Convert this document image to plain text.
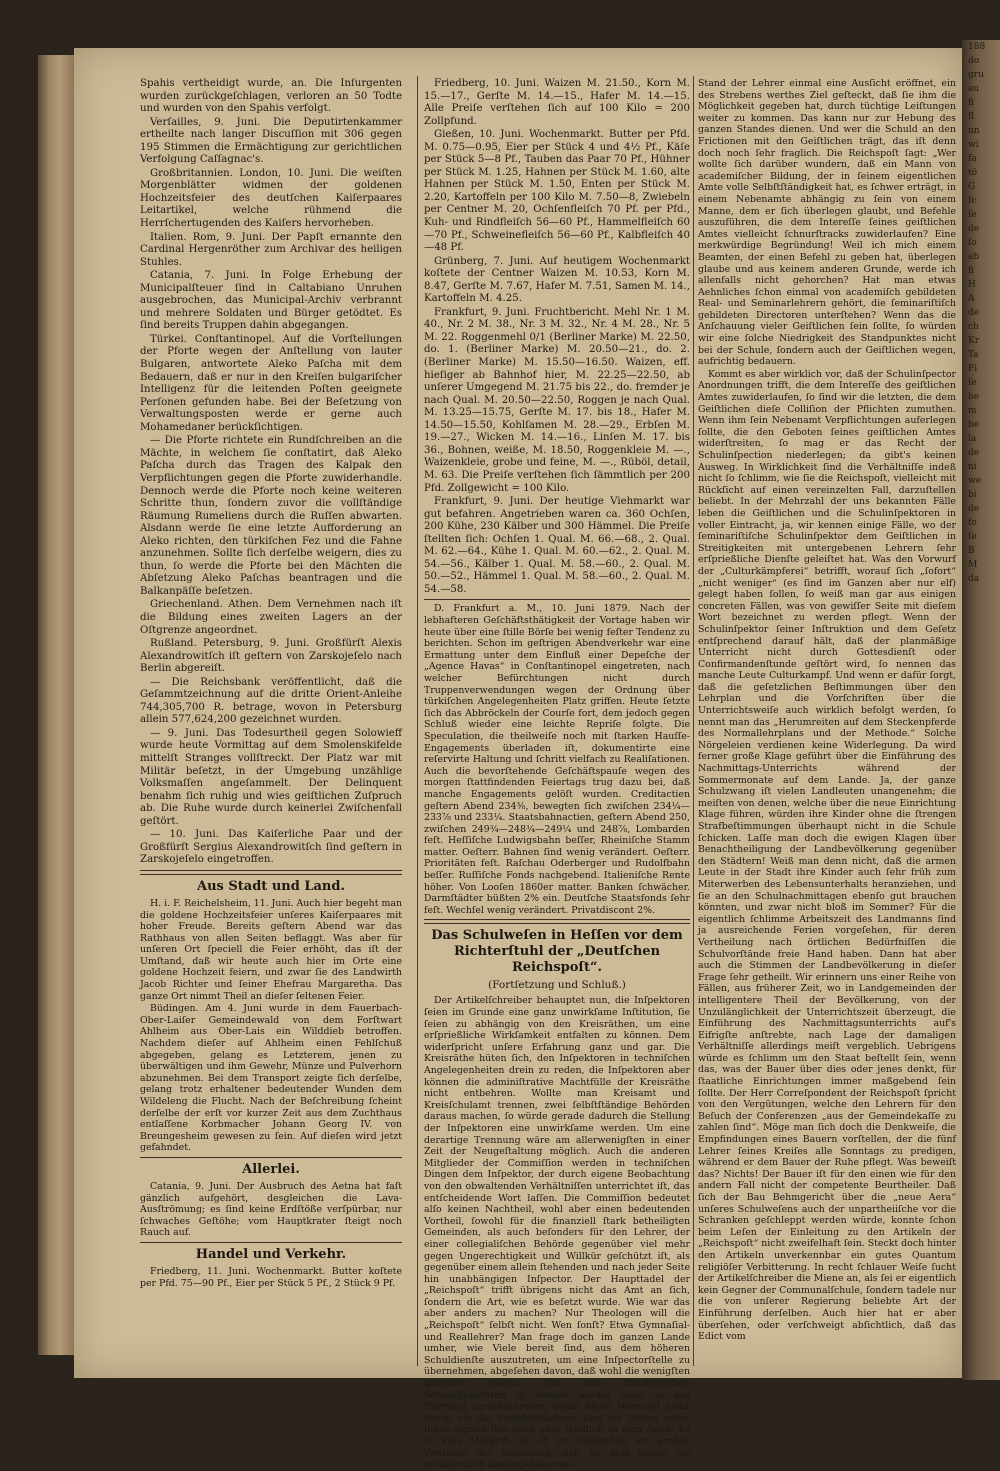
Spahis vertheidigt wurde, an. Die Inſurgenten wurden zurückgeſchlagen, verloren an 50 Todte und wurden von den Spahis verfolgt.

Verſailles, 9. Juni. Die Deputirtenkammer ertheilte nach langer Discuſſion mit 306 gegen 195 Stimmen die Ermächtigung zur gerichtlichen Verfolgung Caſſagnac's.

Großbritannien. London, 10. Juni. Die weiſten Morgenblätter widmen der goldenen Hochzeitsfeier des deutſchen Kaiſerpaares Leitartikel, welche rühmend die Herrſchertugenden des Kaiſers hervorheben.

Italien. Rom, 9. Juni. Der Papſt ernannte den Cardinal Hergenröther zum Archivar des heiligen Stuhles.

Catania, 7. Juni. In Folge Erhebung der Municipalſteuer ſind in Caltabiano Unruhen ausgebrochen, das Municipal-Archiv verbrannt und mehrere Soldaten und Bürger getödtet. Es ſind bereits Truppen dahin abgegangen.

Türkei. Conſtantinopel. Auf die Vorſtellungen der Pforte wegen der Anſtellung von lauter Bulgaren, antwortete Aleko Paſcha mit dem Bedauern, daß er nur in den Kreiſen bulgariſcher Intelligenz für die leitenden Poſten geeignete Perſonen gefunden habe. Bei der Beſetzung von Verwaltungsposten werde er gerne auch Mohamedaner berückſichtigen.

— Die Pforte richtete ein Rundſchreiben an die Mächte, in welchem ſie conſtatirt, daß Aleko Paſcha durch das Tragen des Kalpak den Verpflichtungen gegen die Pforte zuwiderhandle. Dennoch werde die Pforte noch keine weiteren Schritte thun, ſondern zuvor die vollſtändige Räumung Rumeliens durch die Ruſſen abwarten. Alsdann werde ſie eine letzte Aufforderung an Aleko richten, den türkiſchen Fez und die Fahne anzunehmen. Sollte ſich derſelbe weigern, dies zu thun, ſo werde die Pforte bei den Mächten die Abſetzung Aleko Paſchas beantragen und die Balkanpäſſe beſetzen.

Griechenland. Athen. Dem Vernehmen nach iſt die Bildung eines zweiten Lagers an der Oſtgrenze angeordnet.

Rußland. Petersburg, 9. Juni. Großfürſt Alexis Alexandrowitſch iſt geſtern von Zarskojeſelo nach Berlin abgereiſt.

— Die Reichsbank veröffentlicht, daß die Geſammtzeichnung auf die dritte Orient-Anleihe 744,305,700 R. betrage, wovon in Petersburg allein 577,624,200 gezeichnet wurden.

— 9. Juni. Das Todesurtheil gegen Solowieff wurde heute Vormittag auf dem Smolenskifelde mittelſt Stranges vollſtreckt. Der Platz war mit Militär beſetzt, in der Umgebung unzählige Volksmaſſen angeſammelt. Der Delinquent benahm ſich ruhig und wies geiſtlichen Zuſpruch ab. Die Ruhe wurde durch keinerlei Zwiſchenfall geſtört.

— 10. Juni. Das Kaiſerliche Paar und der Großfürſt Sergius Alexandrowitſch ſind geſtern in Zarskojeſelo eingetroffen.

Aus Stadt und Land.

H. i. F. Reichelsheim, 11. Juni. Auch hier begeht man die goldene Hochzeitsfeier unſeres Kaiſerpaares mit hoher Freude. Bereits geſtern Abend war das Rathhaus von allen Seiten beflaggt. Was aber für unſeren Ort ſpeciell die Feier erhöht, das iſt der Umſtand, daß wir heute auch hier im Orte eine goldene Hochzeit feiern, und zwar ſie des Landwirth Jacob Richter und ſeiner Ehefrau Margaretha. Das ganze Ort nimmt Theil an dieſer ſeltenen Feier.

Büdingen. Am 4. Juni wurde in dem Fauerbach-Ober-Laiſer Gemeindewald von dem Forſtwart Ahlheim aus Ober-Lais ein Wilddieb betroffen. Nachdem dieſer auf Ahlheim einen Fehlſchuß abgegeben, gelang es Letzterem, jenen zu überwältigen und ihm Gewehr, Münze und Pulverhorn abzunehmen. Bei dem Transport zeigte ſich derſelbe, gelang trotz erhaltener bedeutender Wunden dem Wildeleng die Flucht. Nach der Beſchreibung ſcheint derſelbe der erſt vor kurzer Zeit aus dem Zuchthaus entlaſſene Korbmacher Johann Georg IV. von Breungesheim gewesen zu ſein. Auf dieſen wird jetzt gefahndet.

Allerlei.

Catania, 9. Juni. Der Ausbruch des Aetna hat faſt gänzlich aufgehört, desgleichen die Lava-Ausſtrömung; es ſind keine Erdſtöße verſpürbar, nur ſchwaches Geſtöhe; vom Hauptkrater ſteigt noch Rauch auf.

Handel und Verkehr.

Friedberg, 11. Juni. Wochenmarkt. Butter koſtete per Pfd. 75—90 Pf., Eier per Stück 5 Pf., 2 Stück 9 Pf.

Friedberg, 10. Juni. Waizen M. 21.50., Korn M. 15.—17., Gerſte M. 14.—15., Hafer M. 14.—15. Alle Preiſe verſtehen ſich auf 100 Kilo = 200 Zollpfund.

Gießen, 10. Juni. Wochenmarkt. Butter per Pfd. M. 0.75—0.95, Eier per Stück 4 und 4½ Pf., Käſe per Stück 5—8 Pf., Tauben das Paar 70 Pf., Hühner per Stück M. 1.25, Hahnen per Stück M. 1.60, alte Hahnen per Stück M. 1.50, Enten per Stück M. 2.20, Kartoffeln per 100 Kilo M. 7.50—8, Zwiebeln per Centner M. 20, Ochſenfleiſch 70 Pf. per Pfd., Kuh- und Rindfleiſch 56—60 Pf., Hammelfleiſch 60—70 Pf., Schweinefleiſch 56—60 Pf., Kalbfleiſch 40—48 Pf.

Grünberg, 7. Juni. Auf heutigem Wochenmarkt koſtete der Centner Waizen M. 10.53, Korn M. 8.47, Gerſte M. 7.67, Hafer M. 7.51, Samen M. 14., Kartoffeln M. 4.25.

Frankfurt, 9. Juni. Fruchtbericht. Mehl Nr. 1 M. 40., Nr. 2 M. 38., Nr. 3 M. 32., Nr. 4 M. 28., Nr. 5 M. 22. Roggenmehl 0/1 (Berliner Marke) M. 22.50, do. 1. (Berliner Marke) M. 20.50—21., do. 2. (Berliner Marke) M. 15.50—16.50. Waizen, eff. hieſiger ab Bahnhof hier, M. 22.25—22.50, ab unſerer Umgegend M. 21.75 bis 22., do. fremder je nach Qual. M. 20.50—22.50, Roggen je nach Qual. M. 13.25—15.75, Gerſte M. 17. bis 18., Hafer M. 14.50—15.50, Kohlſamen M. 28.—29., Erbſen M. 19.—27., Wicken M. 14.—16., Linſen M. 17. bis 36., Bohnen, weiße, M. 18.50, Roggenkleie M. —., Waizenkleie, grobe und feine, M. —., Rüböl, detail, M. 63. Die Preiſe verſtehen ſich ſämmtlich per 200 Pfd. Zollgewicht = 100 Kilo.

Frankfurt, 9. Juni. Der heutige Viehmarkt war gut befahren. Angetrieben waren ca. 360 Ochſen, 200 Kühe, 230 Kälber und 300 Hämmel. Die Preiſe ſtellten ſich: Ochſen 1. Qual. M. 66.—68., 2. Qual. M. 62.—64., Kühe 1. Qual. M. 60.—62., 2. Qual. M. 54.—56., Kälber 1. Qual. M. 58.—60., 2. Qual. M. 50.—52., Hämmel 1. Qual. M. 58.—60., 2. Qual. M. 54.—58.

D. Frankfurt a. M., 10. Juni 1879. Nach der lebhafteren Geſchäftsthätigkeit der Vortage haben wir heute über eine ſtille Börſe bei wenig feſter Tendenz zu berichten. Schon im geſtrigen Abendverkehr war eine Ermattung unter dem Einfluß einer Depeſche der „Agence Havas“ in Conſtantinopel eingetreten, nach welcher Befürchtungen nicht durch Truppenverwendungen wegen der Ordnung über türkiſchen Angelegenheiten Platz griffen. Heute ſetzte ſich das Abbröckeln der Courſe fort, dem jedoch gegen Schluß wieder eine leichte Repriſe folgte. Die Speculation, die theilweiſe noch mit ſtarken Hauſſe-Engagements überladen iſt, dokumentirte eine reſervirte Haltung und ſchritt vielfach zu Realiſationen. Auch die bevorſtehende Geſchäftspauſe wegen des morgen ſtattfindenden Feiertags trug dazu bei, daß manche Engagements gelöſt wurden. Creditactien geſtern Abend 234⅜, bewegten ſich zwiſchen 234¼—233⅞ und 233¼. Staatsbahnactien, geſtern Abend 250, zwiſchen 249¾—248¾—249¼ und 248⅞, Lombarden feſt. Heſſiſche Ludwigsbahn beſſer, Rheiniſche Stamm matter. Oeſterr. Bahnen ſind wenig verändert. Oeſterr. Prioritäten feſt. Raſchau Oderberger und Rudolfbahn beſſer. Ruſſiſche Fonds nachgebend. Italieniſche Rente höher. Von Looſen 1860er matter. Banken ſchwächer. Darmſtädter büßten 2% ein. Deutſche Staatsfonds ſehr feſt. Wechſel wenig verändert. Privatdiscont 2%.

Das Schulweſen in Heſſen vor dem Richterſtuhl der „Deutſchen Reichspoſt“.
(Fortſetzung und Schluß.)

Der Artikelſchreiber behauptet nun, die Inſpektoren ſeien im Grunde eine ganz unwirkſame Inſtitution, ſie ſeien zu abhängig von den Kreisräthen, um eine erſprießliche Wirkſamkeit entfalten zu können. Dem widerſpricht unſere Erfahrung ganz und gar. Die Kreisräthe hüten ſich, den Inſpektoren in techniſchen Angelegenheiten drein zu reden, die Inſpektoren aber können die adminiſtrative Machtfülle der Kreisräthe nicht entbehren. Wollte man Kreisamt und Kreisſchulamt trennen, zwei ſelbſtſtändige Behörden daraus machen, ſo würde gerade dadurch die Stellung der Inſpektoren eine unwirkſame werden. Um eine derartige Trennung wäre am allerwenigſten in einer Zeit der Neugeſtaltung möglich. Auch die anderen Mitglieder der Commiſſion werden in techniſchen Dingen dem Inſpektor, der durch eigene Beobachtung von den obwaltenden Verhältniſſen unterrichtet iſt, das entſcheidende Wort laſſen. Die Commiſſion bedeutet alſo keinen Nachtheil, wohl aber einen bedeutenden Vortheil, ſowohl für die finanziell ſtark betheiligten Gemeinden, als auch beſonders für den Lehrer, der einer collegialiſchen Behörde gegenüber viel mehr gegen Ungerechtigkeit und Willkür geſchützt iſt, als gegenüber einem allein ſtehenden und nach jeder Seite hin unabhängigen Inſpector. Der Haupttadel der „Reichspoſt“ trifft übrigens nicht das Amt an ſich, ſondern die Art, wie es beſetzt wurde. Wie war das aber anders zu machen? Nur Theologen will die „Reichspoſt“ ſelbſt nicht. Wen ſonſt? Etwa Gymnaſial- und Reallehrer? Man frage doch im ganzen Lande umher, wie Viele bereit ſind, aus dem höheren Schuldienſte auszutreten, um eine Inſpectorſtelle zu übernehmen, abgeſehen davon, daß wohl die wenigſten geeignet wären. Von den theologiſchen Schulinſpektoren iſt bereits wieder einer in das Pfarramt zurückgetreten. Somit bleibt Niemand mehr übrig, als die Volksſchullehrer. Und die Beſten unter ihnen eignen ſich auch ganz trefflich zu dem Amte. Es iſt kein Mißgriff, es iſt im Gegentheil ein großes Verdienſt der Regierung, daß ſie dem bisher oft geſliſſentlich niedergehaltenen

Stand der Lehrer einmal eine Ausſicht eröffnet, ein des Strebens werthes Ziel geſteckt, daß ſie ihm die Möglichkeit gegeben hat, durch tüchtige Leiſtungen weiter zu kommen. Das kann nur zur Hebung des ganzen Standes dienen. Und wer die Schuld an den Frictionen mit den Geiſtlichen trägt, das iſt denn doch noch ſehr fraglich. Die Reichspoſt ſagt: „Wer wollte ſich darüber wundern, daß ein Mann von academiſcher Bildung, der in ſeinem eigentlichen Amte volle Selbſtſtändigkeit hat, es ſchwer erträgt, in einem Nebenamte abhängig zu ſein von einem Manne, dem er ſich überlegen glaubt, und Befehle auszuführen, die dem Intereſſe ſeines geiſtlichen Amtes vielleicht ſchnurſtracks zuwiderlaufen? Eine merkwürdige Begründung! Weil ich mich einem Beamten, der einen Befehl zu geben hat, überlegen glaube und aus keinem anderen Grunde, werde ich allenfalls nicht gehorchen? Hat man etwas Aehnliches ſchon einmal von academiſch gebildeten Real- und Seminarlehrern gehört, die ſeminariſtiſch gebildeten Directoren unterſtehen? Wenn das die Anſchauung vieler Geiſtlichen ſein ſollte, ſo würden wir eine ſolche Niedrigkeit des Standpunktes nicht bei der Schule, ſondern auch der Geiſtlichen wegen, aufrichtig bedauern.

Kommt es aber wirklich vor, daß der Schulinſpector Anordnungen trifft, die dem Intereſſe des geiſtlichen Amtes zuwiderlaufen, ſo ſind wir die letzten, die dem Geiſtlichen dieſe Colliſion der Pflichten zumuthen. Wenn ihm ſein Nebenamt Verpflichtungen auferlegen ſollte, die den Geboten ſeines geiſtlichen Amtes widerſtreiten, ſo mag er das Recht der Schulinſpection niederlegen; da gibt's keinen Ausweg. In Wirklichkeit ſind die Verhältniſſe indeß nicht ſo ſchlimm, wie ſie die Reichspoſt, vielleicht mit Rückſicht auf einen vereinzelten Fall, darzuſtellen beliebt. In der Mehrzahl der uns bekannten Fälle leben die Geiſtlichen und die Schulinſpektoren in voller Eintracht, ja, wir kennen einige Fälle, wo der ſeminariſtiſche Schulinſpektor dem Geiſtlichen in Streitigkeiten mit untergebenen Lehrern ſehr erſprießliche Dienſte geleiſtet hat. Was den Vorwurf der „Culturkämpferei“ betrifft, worauf ſich „ſofort“ „nicht weniger“ (es ſind im Ganzen aber nur elf) gelegt haben ſollen, ſo weiß man gar aus einigen concreten Fällen, was von gewiſſer Seite mit dieſem Wort bezeichnet zu werden pflegt. Wenn der Schulinſpektor ſeiner Inſtruktion und dem Geſetz entſprechend darauf hält, daß der planmäßige Unterricht nicht durch Gottesdienſt oder Confirmandenſtunde geſtört wird, ſo nennen das manche Leute Culturkampf. Und wenn er dafür ſorgt, daß die geſetzlichen Beſtimmungen über den Lehrplan und die Vorſchriften über die Unterrichtsweiſe auch wirklich befolgt werden, ſo nennt man das „Herumreiten auf dem Steckenpferde des Normallehrplans und der Methode.“ Solche Nörgeleien verdienen keine Widerlegung. Da wird ferner große Klage geführt über die Einführung des Nachmittags-Unterrichts während der Sommermonate auf dem Lande. Ja, der ganze Schulzwang iſt vielen Landleuten unangenehm; die meiſten von denen, welche über die neue Einrichtung Klage führen, würden ihre Kinder ohne die ſtrengen Strafbeſtimmungen überhaupt nicht in die Schule ſchicken. Laſſe man doch die ewigen Klagen über Benachtheiligung der Landbevölkerung gegenüber den Städtern! Weiß man denn nicht, daß die armen Leute in der Stadt ihre Kinder auch ſehr früh zum Miterwerben des Lebensunterhalts heranziehen, und ſie an den Schulnachmittagen ebenſo gut brauchen könnten, und zwar nicht bloß im Sommer? Für die eigentlich ſchlimme Arbeitszeit des Landmanns ſind ja ausreichende Ferien vorgeſehen, für deren Vertheilung nach örtlichen Bedürfniſſen die Schulvorſtände freie Hand haben. Dann hat aber auch die Stimmen der Landbevölkerung in dieſer Frage ſehr getheilt. Wir erinnern uns einer Reihe von Fällen, aus früherer Zeit, wo in Landgemeinden der intelligentere Theil der Bevölkerung, von der Unzulänglichkeit der Unterrichtszeit überzeugt, die Einführung des Nachmittagsunterrichts auf's Eifrigſte anſtrebte, nach Lage der damaligen Verhältniſſe allerdings meiſt vergeblich. Uebrigens würde es ſchlimm um den Staat beſtellt ſein, wenn das, was der Bauer über dies oder jenes denkt, für ſtaatliche Einrichtungen immer maßgebend ſein ſollte. Der Herr Correſpondent der Reichspoſt ſpricht von den Vergütungen, welche den Lehrern für den Beſuch der Conferenzen „aus der Gemeindekaſſe zu zahlen ſind“. Möge man ſich doch die Denkweiſe, die Empfindungen eines Bauern vorſtellen, der die fünf Lehrer ſeines Kreiſes alle Sonntags zu predigen, während er dem Bauer der Ruhe pflegt. Was beweiſt das? Nichts! Der Bauer iſt für den einen wie für den andern Fall nicht der competente Beurtheiler. Daß ſich der Bau Behmgericht über die „neue Aera“ unſeres Schulweſens auch der unpartheiiſche vor die Schranken geſchleppt werden würde, konnte ſchon beim Leſen der Einleitung zu den Artikeln der „Reichspoſt“ nicht zweifelhaft ſein. Steckt doch hinter den Artikeln unverkennbar ein gutes Quantum religiöſer Verbitterung. In recht ſchlauer Weiſe ſucht der Artikelſchreiber die Miene an, als ſei er eigentlich kein Gegner der Communalſchule, ſondern tadele nur die von unſerer Regierung beliebte Art der Einführung derſelben. Auch hier hat er aber überſehen, oder verſchweigt abſichtlich, daß das Edict vom

188
do
gru
au
fi
fl
un
wi
fa
tö
G
fc
ſe
de
ſo
ab
fi
H
A
de
ch
Kr
Ta
Fi
ſe
be
m
be
la
de
ni
we
bi
de
fo
ſe
B
M
da
